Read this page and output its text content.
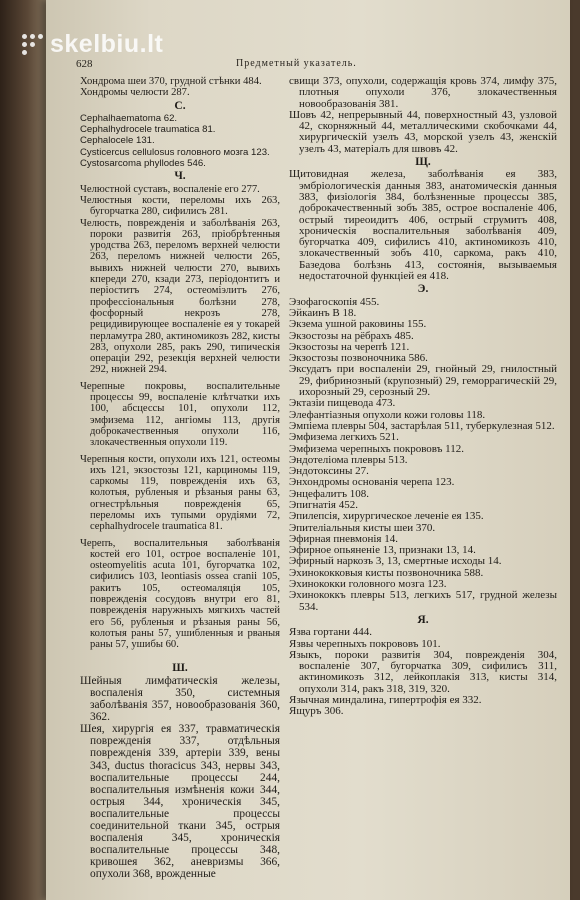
skelbiu.lt
628	Предметный указатель.

Хондрома шеи 370, грудной стѣнки 484.

Хондромы челюсти 287.

С.

Cephalhaematoma 62.

Cephalhydrocele traumatica 81.

Cephalocele 131.

Cysticercus cellulosus головного мозга 123.

Cystosarcoma phyllodes 546.

Ч.

Челюстной суставъ, воспаленіе его 277.

Челюстныя кости, переломы ихъ 263, бугорчатка 280, сифилисъ 281.

Челюсть, поврежденія и заболѣванія 263, пороки развитія 263, пріобрѣтенныя уродства 263, переломъ верхней челюсти 263, переломъ нижней челюсти 265, вывихъ нижней челюсти 270, вывихъ кпереди 270, кзади 273, періодонтитъ и періоститъ 274, остеоміэлитъ 276, профессіональныя болѣзни 278, фосфорный некрозъ 278, рецидивирующее воспаленіе ея у токарей перламутра 280, актиномикозъ 282, кисты 283, опухоли 285, ракъ 290, типическія операціи 292, резекція верхней челюсти 292, нижней 294.

Черепные покровы, воспалительные процессы 99, воспаленіе клѣтчатки ихъ 100, абсцессы 101, опухоли 112, эмфизема 112, ангіомы 113, другія доброкачественныя опухоли 116, злокачественныя опухоли 119.

Черепныя кости, опухоли ихъ 121, остеомы ихъ 121, экзостозы 121, карциномы 119, саркомы 119, поврежденія ихъ 63, колотыя, рубленыя и рѣзаныя раны 63, огнестрѣльныя поврежденія 65, переломы ихъ тупыми орудіями 72, cephalhydrocele traumatica 81.

Черепъ, воспалительныя заболѣванія костей его 101, острое воспаленіе 101, osteomyelitis acuta 101, бугорчатка 102, сифилисъ 103, leontiasis ossea cranii 105, ракитъ 105, остеомаляція 105, поврежденія сосудовъ внутри его 81, поврежденія наружныхъ мягкихъ частей его 56, рубленыя и рѣзаныя раны 56, колотыя раны 57, ушибленныя и рваныя раны 57, ушибы 60.

Ш.

Шейныя лимфатическія железы, воспаленія 350, системныя заболѣванія 357, новообразованія 360, 362.

Шея, хирургія ея 337, травматическія поврежденія 337, отдѣльныя поврежденія 339, артеріи 339, вены 343, ductus thoracicus 343, нервы 343, воспалительные процессы 244, воспалительныя измѣненія кожи 344, острыя 344, хроническія 345, воспалительные процессы соединительной ткани 345, острыя воспаленія 345, хроническія воспалительные процессы 348, кривошея 362, аневризмы 366, опухоли 368, врожденные

свищи 373, опухоли, содержащія кровь 374, лимфу 375, плотныя опухоли 376, злокачественныя новообразованія 381.

Шовъ 42, непрерывный 44, поверхностный 43, узловой 42, скорняжный 44, металлическими скобочками 44, хирургическій узелъ 43, морской узелъ 43, женскій узелъ 43, матеріалъ для швовъ 42.

Щ.

Щитовидная железа, заболѣванія ея 383, эмбріологическія данныя 383, анатомическія данныя 383, физіологія 384, болѣзненные процессы 385, доброкачественный зобъ 385, острое воспаленіе 406, острый тиреоидитъ 406, острый струмитъ 408, хроническія воспалительныя заболѣванія 409, бугорчатка 409, сифилисъ 410, актиномикозъ 410, злокачественный зобъ 410, саркома, ракъ 410, Базедова болѣзнь 413, состоянія, вызываемыя недостаточной функціей ея 418.

Э.

Эзофагоскопія 455.

Эйкаинъ В 18.

Экзема ушной раковины 155.

Экзостозы на рёбрахъ 485.

Экзостозы на черепѣ 121.

Экзостозы позвоночника 586.

Эксудатъ при воспаленіи 29, гнойный 29, гнилостный 29, фибринозный (крупозный) 29, геморрагическій 29, ихорозный 29, серозный 29.

Эктазіи пищевода 473.

Элефантіазныя опухоли кожи головы 118.

Эмпіема плевры 504, застарѣлая 511, туберкулезная 512.

Эмфизема легкихъ 521.

Эмфизема черепныхъ покрововъ 112.

Эндотеліома плевры 513.

Эндотоксины 27.

Энхондромы основанія черепа 123.

Энцефалитъ 108.

Эпигнатія 452.

Эпилепсія, хирургическое леченіе ея 135.

Эпителіальныя кисты шеи 370.

Эфирная пневмонія 14.

Эфирное опьяненіе 13, признаки 13, 14.

Эфирный наркозъ 3, 13, смертные исходы 14.

Эхинококковыя кисты позвоночника 588.

Эхинококки головного мозга 123.

Эхинококкъ плевры 513, легкихъ 517, грудной железы 534.

Я.

Язва гортани 444.

Язвы черепныхъ покрововъ 101.

Языкъ, пороки развитія 304, поврежденія 304, воспаленіе 307, бугорчатка 309, сифилисъ 311, актиномикозъ 312, лейкоплакія 313, кисты 314, опухоли 314, ракъ 318, 319, 320.

Язычная миндалина, гипертрофія ея 332.

Ящуръ 306.
